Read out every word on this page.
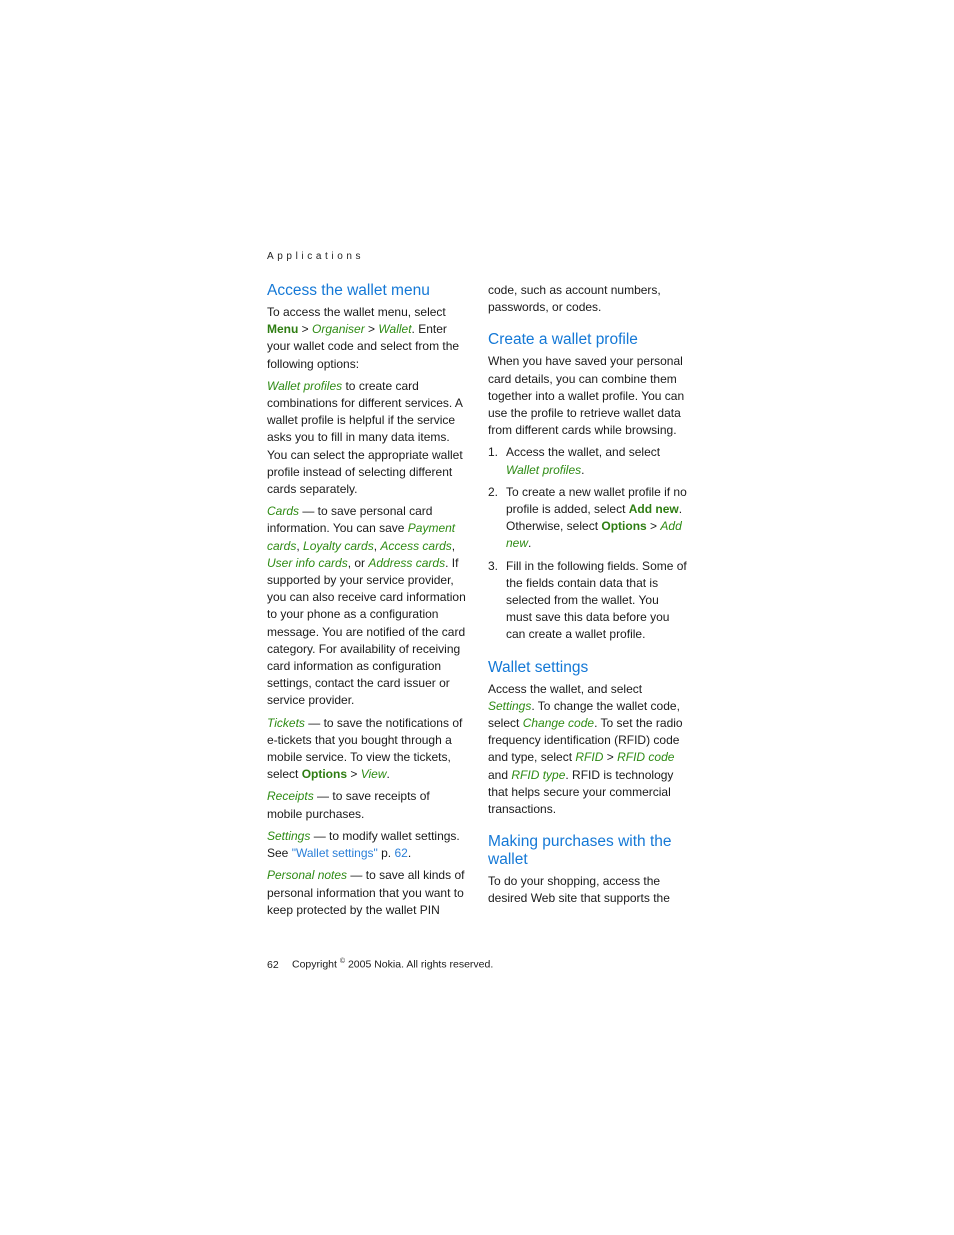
Applications
Access the wallet menu

To access the wallet menu, select Menu > Organiser > Wallet. Enter your wallet code and select from the following options:

Wallet profiles to create card combinations for different services. A wallet profile is helpful if the service asks you to fill in many data items. You can select the appropriate wallet profile instead of selecting different cards separately.

Cards — to save personal card information. You can save Payment cards, Loyalty cards, Access cards, User info cards, or Address cards. If supported by your service provider, you can also receive card information to your phone as a configuration message. You are notified of the card category. For availability of receiving card information as configuration settings, contact the card issuer or service provider.

Tickets — to save the notifications of e-tickets that you bought through a mobile service. To view the tickets, select Options > View.

Receipts — to save receipts of mobile purchases.

Settings — to modify wallet settings. See "Wallet settings" p. 62.

Personal notes — to save all kinds of personal information that you want to keep protected by the wallet PIN

code, such as account numbers, passwords, or codes.

Create a wallet profile

When you have saved your personal card details, you can combine them together into a wallet profile. You can use the profile to retrieve wallet data from different cards while browsing.

1. Access the wallet, and select Wallet profiles.
2. To create a new wallet profile if no profile is added, select Add new. Otherwise, select Options > Add new.
3. Fill in the following fields. Some of the fields contain data that is selected from the wallet. You must save this data before you can create a wallet profile.
Wallet settings

Access the wallet, and select Settings. To change the wallet code, select Change code. To set the radio frequency identification (RFID) code and type, select RFID > RFID code and RFID type. RFID is technology that helps secure your commercial transactions.

Making purchases with the wallet

To do your shopping, access the desired Web site that supports the

62 Copyright © 2005 Nokia. All rights reserved.
